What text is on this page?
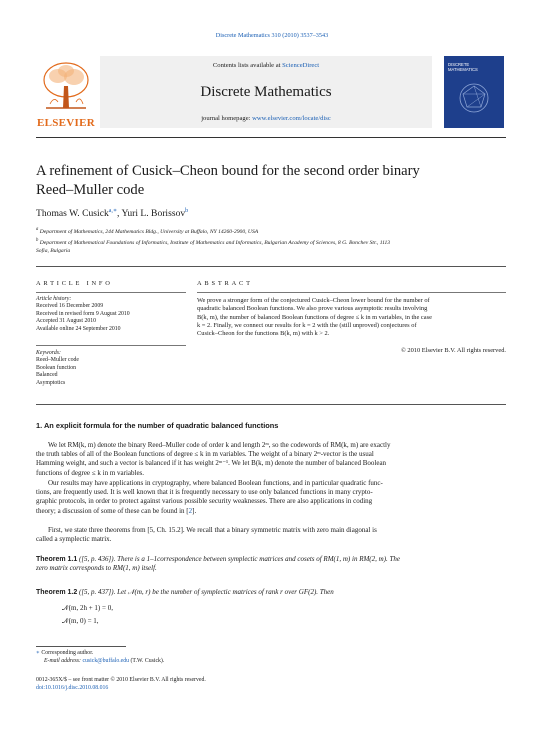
Discrete Mathematics 310 (2010) 3537–3543
ELSEVIER
Contents lists available at ScienceDirect
Discrete Mathematics
journal homepage: www.elsevier.com/locate/disc
DISCRETE MATHEMATICS
A refinement of Cusick–Cheon bound for the second order binary
Reed–Muller code
Thomas W. Cusick$^{a,∗}$, Yuri L. Borissov$^b$
$^a$ Department of Mathematics, 244 Mathematics Bldg., University at Buffalo, NY 14260-2900, USA
$^b$ Department of Mathematical Foundations of Informatics, Institute of Mathematics and Informatics, Bulgarian Academy of Sciences, 8 G. Bonchev Str., 1113
Sofia, Bulgaria
ARTICLE INFO
Article history:
Received 16 December 2009
Received in revised form 9 August 2010
Accepted 31 August 2010
Available online 24 September 2010
Keywords:
Reed–Muller code
Boolean function
Balanced
Asymptotics
ABSTRACT
We prove a stronger form of the conjectured Cusick–Cheon lower bound for the number of
quadratic balanced Boolean functions. We also prove various asymptotic results involving
B(k, m), the number of balanced Boolean functions of degree ≤ k in m variables, in the case
k = 2. Finally, we connect our results for k = 2 with the (still unproved) conjectures of
Cusick–Cheon for the functions B(k, m) with k > 2.
© 2010 Elsevier B.V. All rights reserved.
1. An explicit formula for the number of quadratic balanced functions
We let RM(k, m) denote the binary Reed–Muller code of order k and length 2ᵐ, so the codewords of RM(k, m) are exactly
the truth tables of all of the Boolean functions of degree ≤ k in m variables. The weight of a binary 2ᵐ-vector is the usual
Hamming weight, and such a vector is balanced if it has weight 2ᵐ⁻¹. We let B(k, m) denote the number of balanced Boolean
functions of degree ≤ k in m variables.
Our results may have applications in cryptography, where balanced Boolean functions, and in particular quadratic func-
tions, are frequently used. It is well known that it is frequently necessary to use only balanced functions in many crypto-
graphic protocols, in order to protect against various possible security weaknesses. There are also applications in coding
theory; a discussion of some of these can be found in [2].
First, we state three theorems from [5, Ch. 15.2]. We recall that a binary symmetric matrix with zero main diagonal is
called a symplectic matrix.
Theorem 1.1 ([5, p. 436]). There is a 1–1correspondence between symplectic matrices and cosets of RM(1, m) in RM(2, m). The
zero matrix corresponds to RM(1, m) itself.
Theorem 1.2 ([5, p. 437]). Let 𝒩(m, r) be the number of symplectic matrices of rank r over GF(2). Then
𝒩(m, 2h + 1) = 0,
𝒩(m, 0) = 1,
∗ Corresponding author.
E-mail address: cusick@buffalo.edu (T.W. Cusick).
0012-365X/$ – see front matter © 2010 Elsevier B.V. All rights reserved.
doi:10.1016/j.disc.2010.08.016
